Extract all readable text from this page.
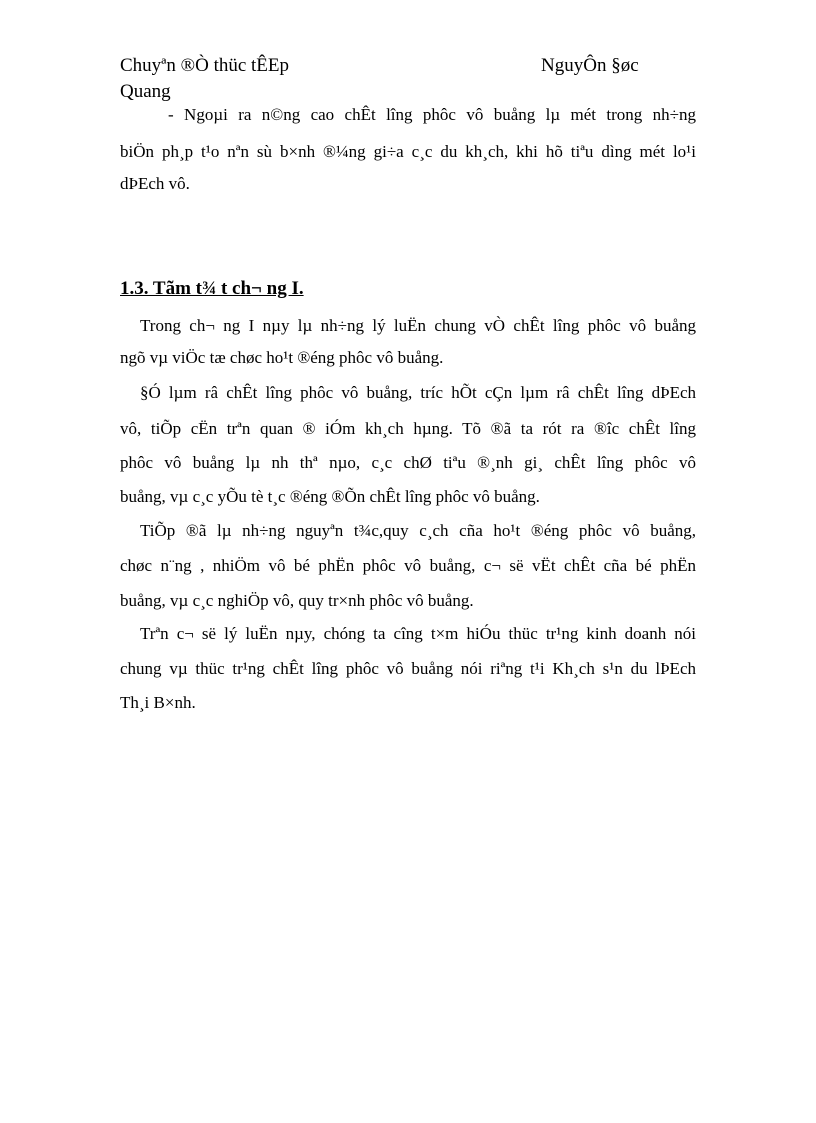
Chuyªn ®Ò thüc tÊEp	NguyÔn §øc
Quang
- Ngoµi ra n©ng cao chÊt lîng phôc vô buång lµ mét trong nh÷ng
biÖn ph¸p t¹o nªn sù b×nh ®¼ng gi÷a c¸c du kh¸ch, khi hõ tiªu dìng mét lo¹i
dÞEch vô.
1.3. Tãm t¾ t ch¬ ng I.
Trong ch¬ ng I nµy lµ nh÷ng lý luËn chung vÒ chÊt lîng phôc vô buång
ngõ vµ viÖc tæ chøc ho¹t ®éng phôc vô buång.
§Ó lµm râ chÊt lîng phôc vô buång, tríc hÕt cÇn lµm râ chÊt lîng dÞEch
vô, tiÕp cËn trªn quan ® iÓm kh¸ch hµng. Tõ ®ã ta rót ra ®îc chÊt lîng
phôc vô buång lµ nh thª nµo, c¸c chØ tiªu ®¸nh gi¸ chÊt lîng phôc vô
buång, vµ c¸c yÕu tè t¸c ®éng ®Õn chÊt lîng phôc vô buång.
TiÕp ®ã lµ nh÷ng nguyªn t¾c,quy c¸ch cña ho¹t ®éng phôc vô buång,
chøc n¨ng , nhiÖm vô bé phËn phôc vô buång, c¬ së vËt chÊt cña bé phËn
buång, vµ c¸c nghiÖp vô, quy tr×nh phôc vô buång.
Trªn c¬ së lý luËn nµy, chóng ta cîng t×m hiÓu thüc tr¹ng kinh doanh nói
chung vµ thüc tr¹ng chÊt lîng phôc vô buång nói riªng t¹i Kh¸ch s¹n du lÞEch
Th¸i B×nh.
